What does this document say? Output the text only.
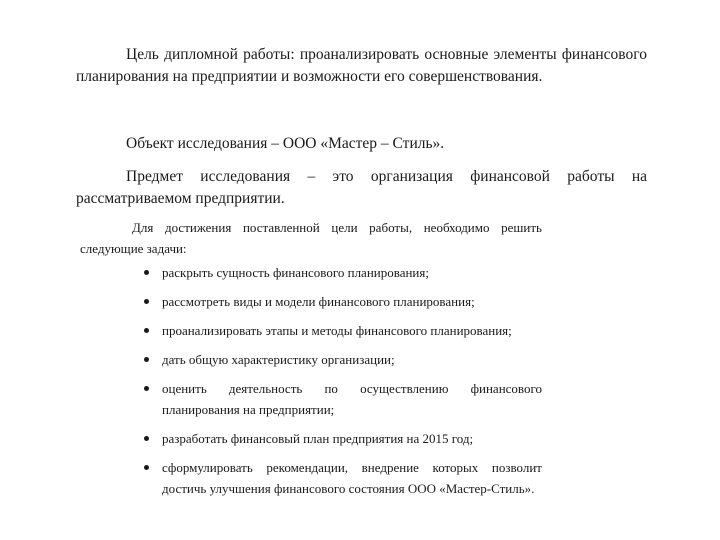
Цель дипломной работы: проанализировать основные элементы финансового планирования на предприятии и возможности его совершенствования.
Объект исследования – ООО «Мастер – Стиль».
Предмет исследования – это организация финансовой работы на рассматриваемом предприятии.
Для достижения поставленной цели работы, необходимо решить следующие задачи:
раскрыть сущность финансового планирования;
рассмотреть виды и модели финансового планирования;
проанализировать этапы и методы финансового планирования;
дать общую характеристику организации;
оценить деятельность по осуществлению финансового планирования на предприятии;
разработать финансовый план предприятия на 2015 год;
сформулировать рекомендации, внедрение которых позволит достичь улучшения финансового состояния ООО «Мастер-Стиль».
